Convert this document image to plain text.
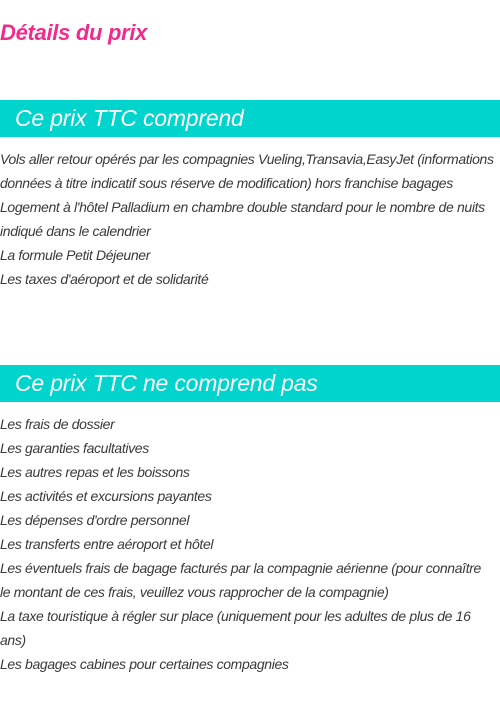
Détails du prix
Ce prix TTC comprend
Vols aller retour opérés par les compagnies Vueling,Transavia,EasyJet (informations données à titre indicatif sous réserve de modification) hors franchise bagages
Logement à l'hôtel Palladium en chambre double standard pour le nombre de nuits indiqué dans le calendrier
La formule Petit Déjeuner
Les taxes d'aéroport et de solidarité
Ce prix TTC ne comprend pas
Les frais de dossier
Les garanties facultatives
Les autres repas et les boissons
Les activités et excursions payantes
Les dépenses d'ordre personnel
Les transferts entre aéroport et hôtel
Les éventuels frais de bagage facturés par la compagnie aérienne (pour connaître le montant de ces frais, veuillez vous rapprocher de la compagnie)
La taxe touristique à régler sur place (uniquement pour les adultes de plus de 16 ans)
Les bagages cabines pour certaines compagnies
